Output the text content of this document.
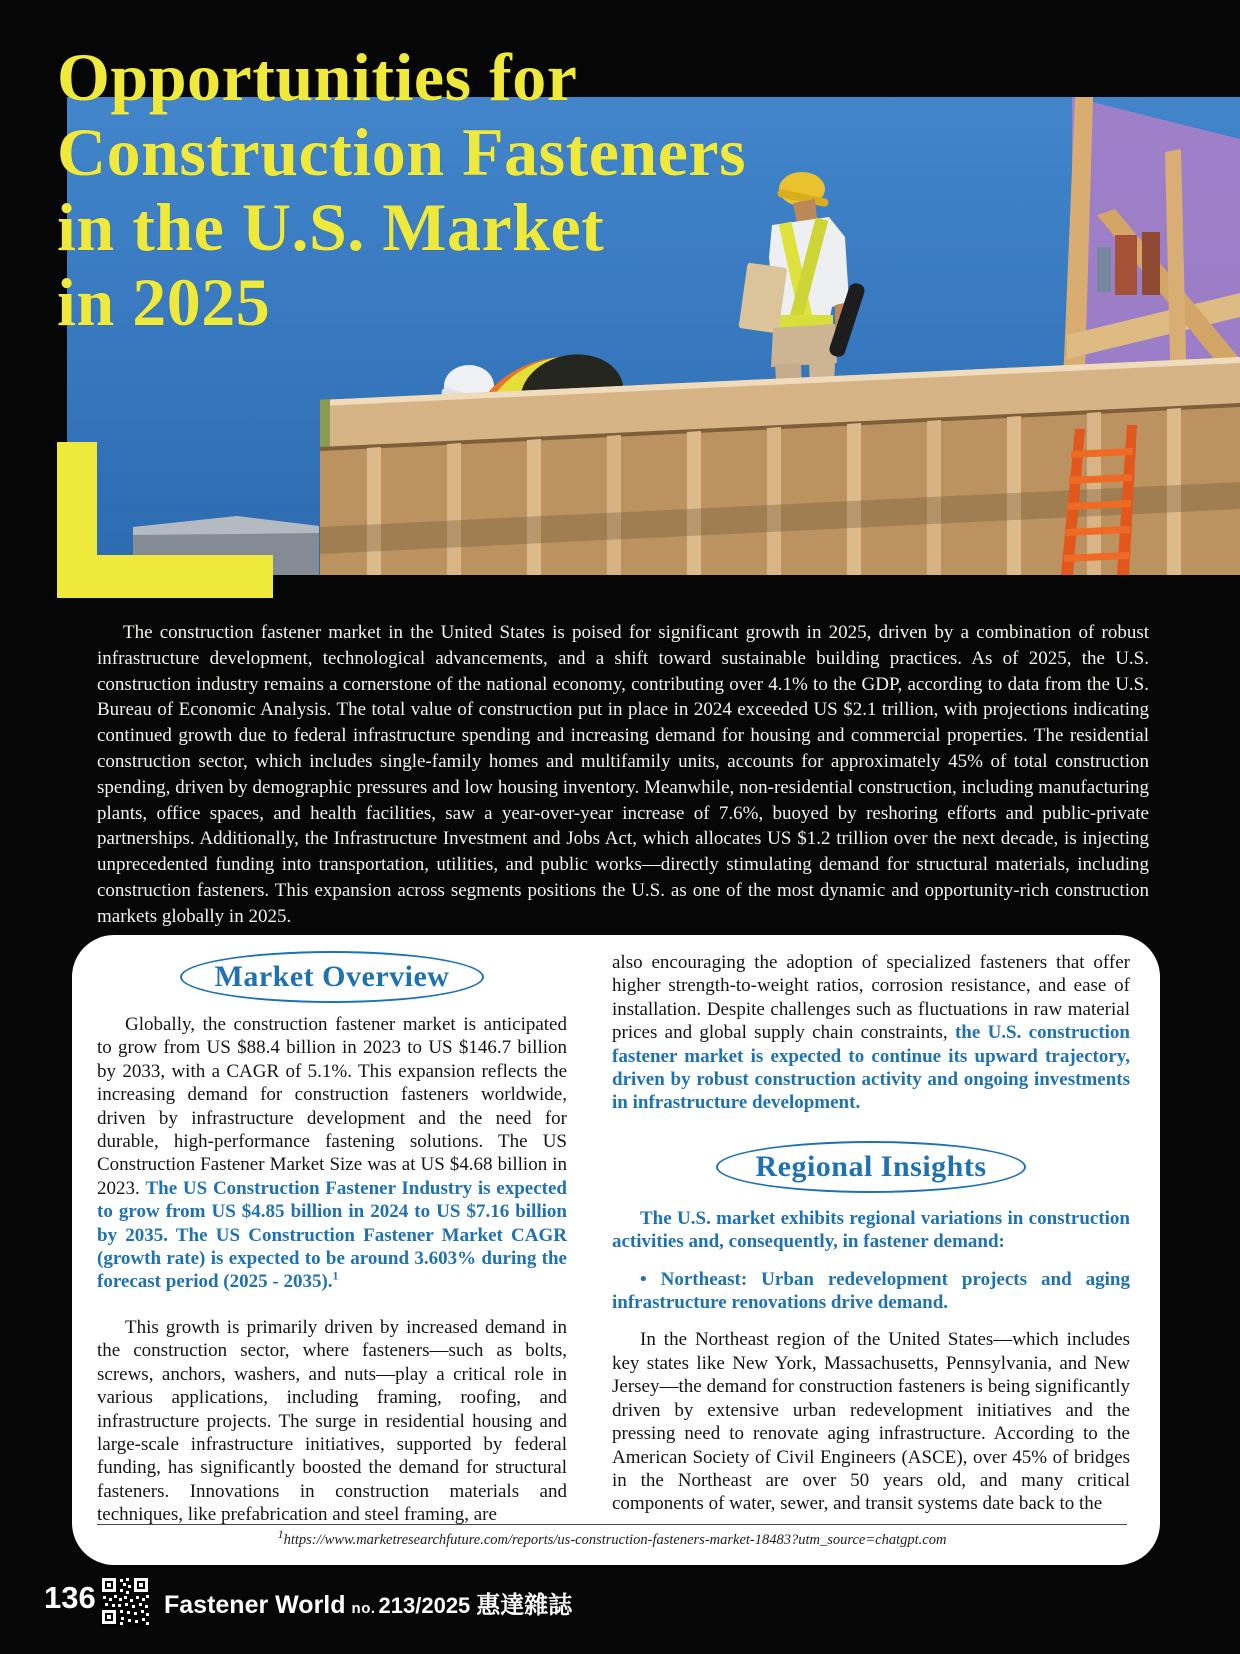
Opportunities for
Construction Fasteners
in the U.S. Market
in 2025

The construction fastener market in the United States is poised for significant growth in 2025, driven by a combination of robust infrastructure development, technological advancements, and a shift toward sustainable building practices. As of 2025, the U.S. construction industry remains a cornerstone of the national economy, contributing over 4.1% to the GDP, according to data from the U.S. Bureau of Economic Analysis. The total value of construction put in place in 2024 exceeded US $2.1 trillion, with projections indicating continued growth due to federal infrastructure spending and increasing demand for housing and commercial properties. The residential construction sector, which includes single-family homes and multifamily units, accounts for approximately 45% of total construction spending, driven by demographic pressures and low housing inventory. Meanwhile, non-residential construction, including manufacturing plants, office spaces, and health facilities, saw a year-over-year increase of 7.6%, buoyed by reshoring efforts and public-private partnerships. Additionally, the Infrastructure Investment and Jobs Act, which allocates US $1.2 trillion over the next decade, is injecting unprecedented funding into transportation, utilities, and public works—directly stimulating demand for structural materials, including construction fasteners. This expansion across segments positions the U.S. as one of the most dynamic and opportunity-rich construction markets globally in 2025.

Market Overview

Globally, the construction fastener market is anticipated to grow from US $88.4 billion in 2023 to US $146.7 billion by 2033, with a CAGR of 5.1%. This expansion reflects the increasing demand for construction fasteners worldwide, driven by infrastructure development and the need for durable, high-performance fastening solutions. The US Construction Fastener Market Size was at US $4.68 billion in 2023. The US Construction Fastener Industry is expected to grow from US $4.85 billion in 2024 to US $7.16 billion by 2035. The US Construction Fastener Market CAGR (growth rate) is expected to be around 3.603% during the forecast period (2025 - 2035).$^1$

This growth is primarily driven by increased demand in the construction sector, where fasteners—such as bolts, screws, anchors, washers, and nuts—play a critical role in various applications, including framing, roofing, and infrastructure projects. The surge in residential housing and large-scale infrastructure initiatives, supported by federal funding, has significantly boosted the demand for structural fasteners. Innovations in construction materials and techniques, like prefabrication and steel framing, are

also encouraging the adoption of specialized fasteners that offer higher strength-to-weight ratios, corrosion resistance, and ease of installation. Despite challenges such as fluctuations in raw material prices and global supply chain constraints, the U.S. construction fastener market is expected to continue its upward trajectory, driven by robust construction activity and ongoing investments in infrastructure development.

Regional Insights

The U.S. market exhibits regional variations in construction activities and, consequently, in fastener demand:

• Northeast: Urban redevelopment projects and aging infrastructure renovations drive demand.

In the Northeast region of the United States—which includes key states like New York, Massachusetts, Pennsylvania, and New Jersey—the demand for construction fasteners is being significantly driven by extensive urban redevelopment initiatives and the pressing need to renovate aging infrastructure. According to the American Society of Civil Engineers (ASCE), over 45% of bridges in the Northeast are over 50 years old, and many critical components of water, sewer, and transit systems date back to the

$^1$https://www.marketresearchfuture.com/reports/us-construction-fasteners-market-18483?utm_source=chatgpt.com
136	Fastener World no. 213/2025 惠達雜誌
